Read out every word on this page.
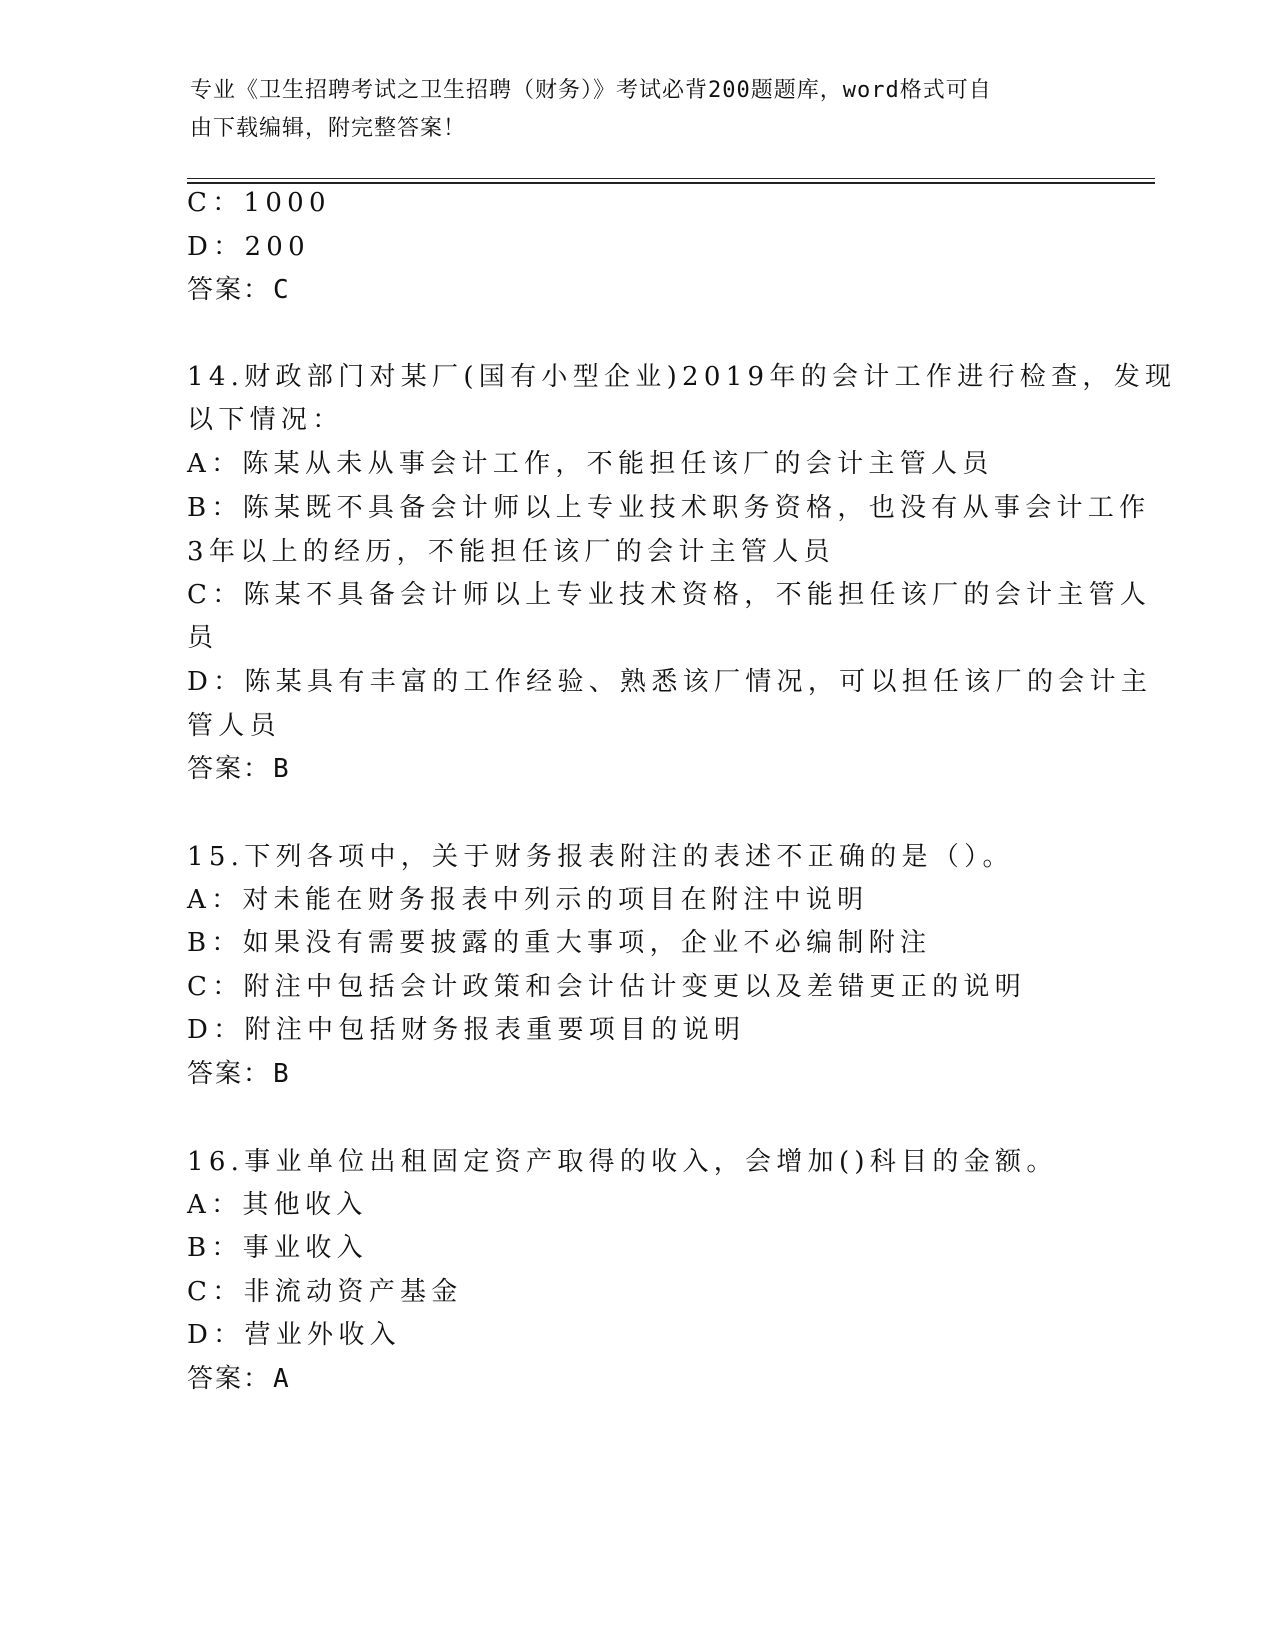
专业《卫生招聘考试之卫生招聘（财务）》考试必背200题题库，word格式可自
由下载编辑，附完整答案！
C：1000
D：200
答案：C
14.财政部门对某厂(国有小型企业)2019年的会计工作进行检查，发现
以下情况：
A：陈某从未从事会计工作，不能担任该厂的会计主管人员
B：陈某既不具备会计师以上专业技术职务资格，也没有从事会计工作
3年以上的经历，不能担任该厂的会计主管人员
C：陈某不具备会计师以上专业技术资格，不能担任该厂的会计主管人
员
D：陈某具有丰富的工作经验、熟悉该厂情况，可以担任该厂的会计主
管人员
答案：B
15.下列各项中，关于财务报表附注的表述不正确的是（）。
A：对未能在财务报表中列示的项目在附注中说明
B：如果没有需要披露的重大事项，企业不必编制附注
C：附注中包括会计政策和会计估计变更以及差错更正的说明
D：附注中包括财务报表重要项目的说明
答案：B
16.事业单位出租固定资产取得的收入，会增加()科目的金额。
A：其他收入
B：事业收入
C：非流动资产基金
D：营业外收入
答案：A
